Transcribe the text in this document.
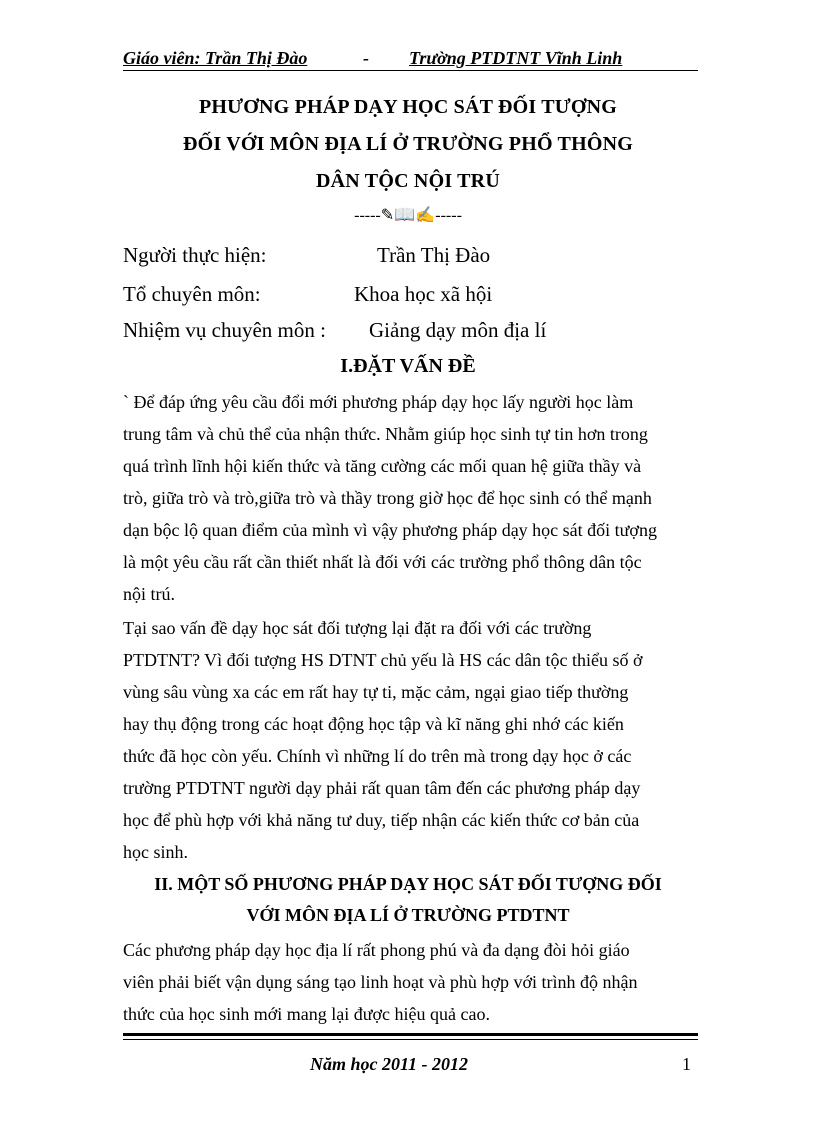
Giáo viên: Trần Thị Đào	- Trường PTDTNT Vĩnh Linh
PHƯƠNG PHÁP DẠY HỌC SÁT ĐỐI TƯỢNG
ĐỐI VỚI MÔN ĐỊA LÍ Ở TRƯỜNG PHỔ THÔNG
DÂN TỘC NỘI TRÚ
-----✎📖✍-----
Người thực hiện:	Trần Thị Đào
Tổ chuyên môn:	Khoa học xã hội
Nhiệm vụ chuyên môn : Giảng dạy môn địa lí
I.ĐẶT VẤN ĐỀ
` Để đáp ứng yêu cầu đổi mới phương pháp dạy học lấy người học làm
trung tâm và chủ thể của nhận thức. Nhằm giúp học sinh tự tin hơn trong
quá trình lĩnh hội kiến thức và tăng cường các mối quan hệ giữa thầy và
trò, giữa trò và trò,giữa trò và thầy trong giờ học để học sinh có thể mạnh
dạn bộc lộ quan điểm của mình vì vậy phương pháp dạy học sát đối tượng
là một yêu cầu rất cần thiết nhất là đối với các trường phổ thông dân tộc
nội trú.
Tại sao vấn đề dạy học sát đối tượng lại đặt ra đối với các trường
PTDTNT? Vì đối tượng HS DTNT chủ yếu là HS các dân tộc thiểu số ở
vùng sâu vùng xa các em rất hay tự ti, mặc cảm, ngại giao tiếp thường
hay thụ động trong các hoạt động học tập và kĩ năng ghi nhớ các kiến
thức đã học còn yếu. Chính vì những lí do trên mà trong dạy học ở các
trường PTDTNT người dạy phải rất quan tâm đến các phương pháp dạy
học để phù hợp với khả năng tư duy, tiếp nhận các kiến thức cơ bản của
học sinh.
II. MỘT SỐ PHƯƠNG PHÁP DẠY HỌC SÁT ĐỐI TƯỢNG ĐỐI
VỚI MÔN ĐỊA LÍ Ở TRƯỜNG PTDTNT
Các phương pháp dạy học địa lí rất phong phú và đa dạng đòi hỏi giáo
viên phải biết vận dụng sáng tạo linh hoạt và phù hợp với trình độ nhận
thức của học sinh mới mang lại được hiệu quả cao.
Năm học 2011 - 2012	1
